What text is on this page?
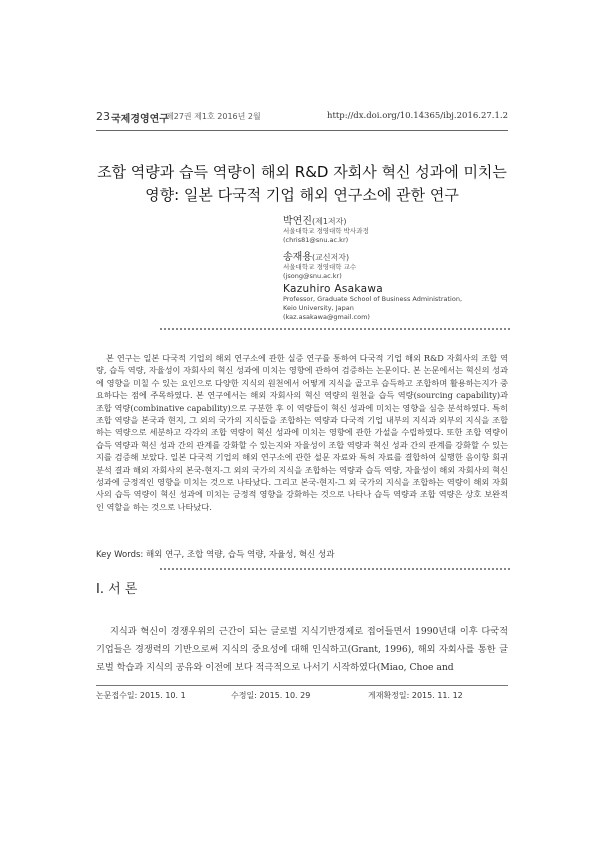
23 국제경영연구
제27권 제1호 2016년 2월	http://dx.doi.org/10.14365/ibj.2016.27.1.2
조합 역량과 습득 역량이 해외 R&D 자회사 혁신 성과에 미치는
영향: 일본 다국적 기업 해외 연구소에 관한 연구
박연진(제1저자)
서울대학교 경영대학 박사과정
(chris81@snu.ac.kr)
송재용(교신저자)
서울대학교 경영대학 교수
(jsong@snu.ac.kr)
Kazuhiro Asakawa
Professor, Graduate School of Business Administration,
Keio University, Japan
(kaz.asakawa@gmail.com)

본 연구는 일본 다국적 기업의 해외 연구소에 관한 실증 연구를 통하여 다국적 기업 해외 R&D 자회사의 조합 역량, 습득 역량, 자율성이 자회사의 혁신 성과에 미치는 영향에 관하여 검증하는 논문이다. 본 논문에서는 혁신의 성과에 영향을 미칠 수 있는 요인으로 다양한 지식의 원천에서 어떻게 지식을 골고루 습득하고 조합하며 활용하는지가 중요하다는 점에 주목하였다. 본 연구에서는 해외 자회사의 혁신 역량의 원천을 습득 역량(sourcing capability)과 조합 역량(combinative capability)으로 구분한 후 이 역량들이 혁신 성과에 미치는 영향을 심층 분석하였다. 특히 조합 역량을 본국과 현지, 그 외의 국가의 지식들을 조합하는 역량과 다국적 기업 내부의 지식과 외부의 지식을 조합하는 역량으로 세분하고 각각의 조합 역량이 혁신 성과에 미치는 영향에 관한 가설을 수립하였다. 또한 조합 역량이 습득 역량과 혁신 성과 간의 관계를 강화할 수 있는지와 자율성이 조합 역량과 혁신 성과 간의 관계를 강화할 수 있는지를 검증해 보았다. 일본 다국적 기업의 해외 연구소에 관한 설문 자료와 특허 자료를 결합하여 실행한 음이항 회귀 분석 결과 해외 자회사의 본국-현지-그 외의 국가의 지식을 조합하는 역량과 습득 역량, 자율성이 해외 자회사의 혁신 성과에 긍정적인 영향을 미치는 것으로 나타났다. 그리고 본국-현지-그 외 국가의 지식을 조합하는 역량이 해외 자회사의 습득 역량이 혁신 성과에 미치는 긍정적 영향을 강화하는 것으로 나타나 습득 역량과 조합 역량은 상호 보완적인 역할을 하는 것으로 나타났다.

Key Words: 해외 연구, 조합 역량, 습득 역량, 자율성, 혁신 성과
Ⅰ. 서 론

지식과 혁신이 경쟁우위의 근간이 되는 글로벌 지식기반경제로 접어들면서 1990년대 이후 다국적 기업들은 경쟁력의 기반으로써 지식의 중요성에 대해 인식하고(Grant, 1996), 해외 자회사를 통한 글로벌 학습과 지식의 공유와 이전에 보다 적극적으로 나서기 시작하였다(Miao, Choe and

논문접수일: 2015. 10. 1	수정일: 2015. 10. 29	게재확정일: 2015. 11. 12
